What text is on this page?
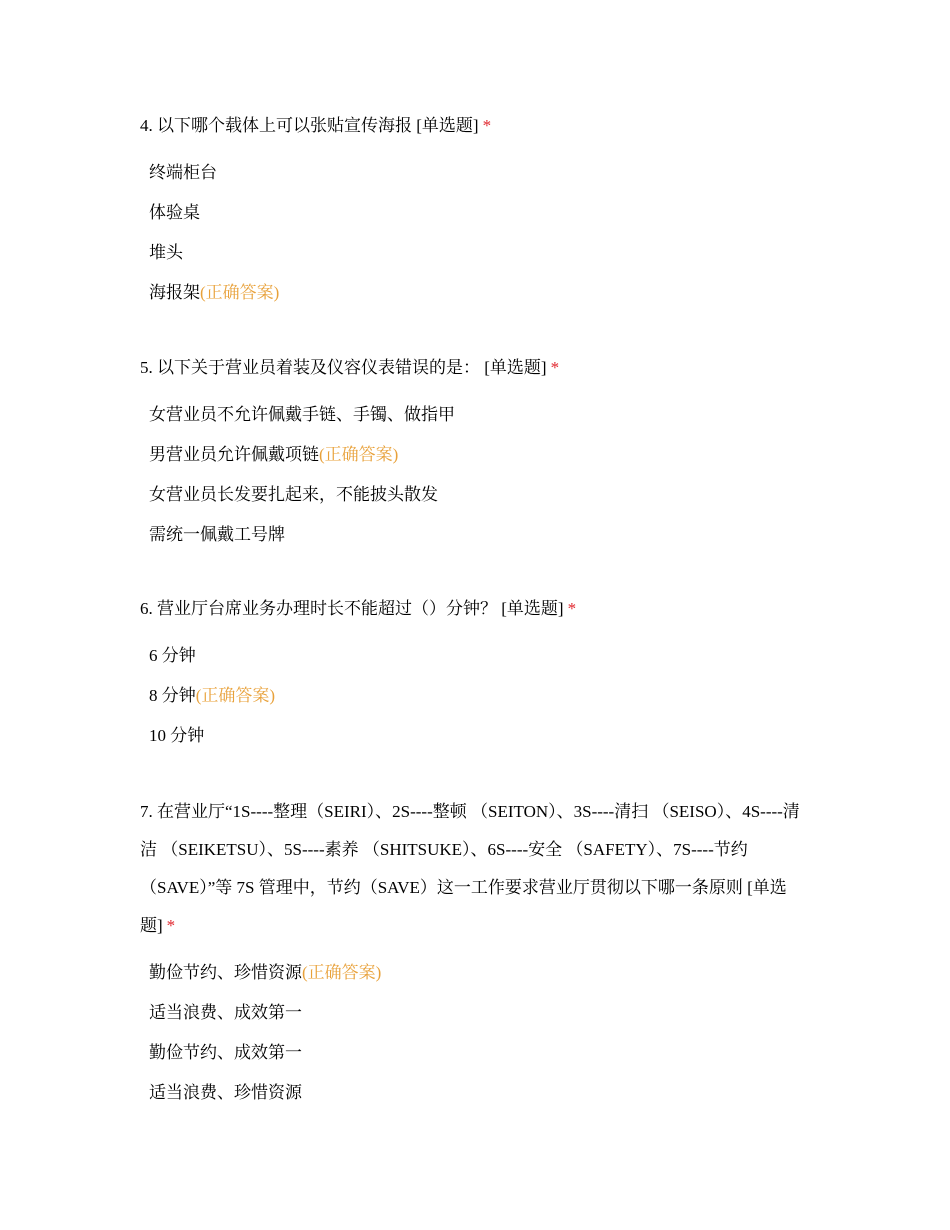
4. 以下哪个载体上可以张贴宣传海报 [单选题] *

终端柜台
体验桌
堆头
海报架(正确答案)

5. 以下关于营业员着装及仪容仪表错误的是： [单选题] *

女营业员不允许佩戴手链、手镯、做指甲
男营业员允许佩戴项链(正确答案)
女营业员长发要扎起来，不能披头散发
需统一佩戴工号牌

6. 营业厅台席业务办理时长不能超过（）分钟？ [单选题] *

6 分钟
8 分钟(正确答案)
10 分钟

7. 在营业厅“1S----整理（SEIRI）、2S----整顿 （SEITON）、3S----清扫 （SEISO）、4S----清洁 （SEIKETSU）、5S----素养 （SHITSUKE）、6S----安全 （SAFETY）、7S----节约（SAVE）”等 7S 管理中，节约（SAVE）这一工作要求营业厅贯彻以下哪一条原则 [单选题] *

勤俭节约、珍惜资源(正确答案)
适当浪费、成效第一
勤俭节约、成效第一
适当浪费、珍惜资源
